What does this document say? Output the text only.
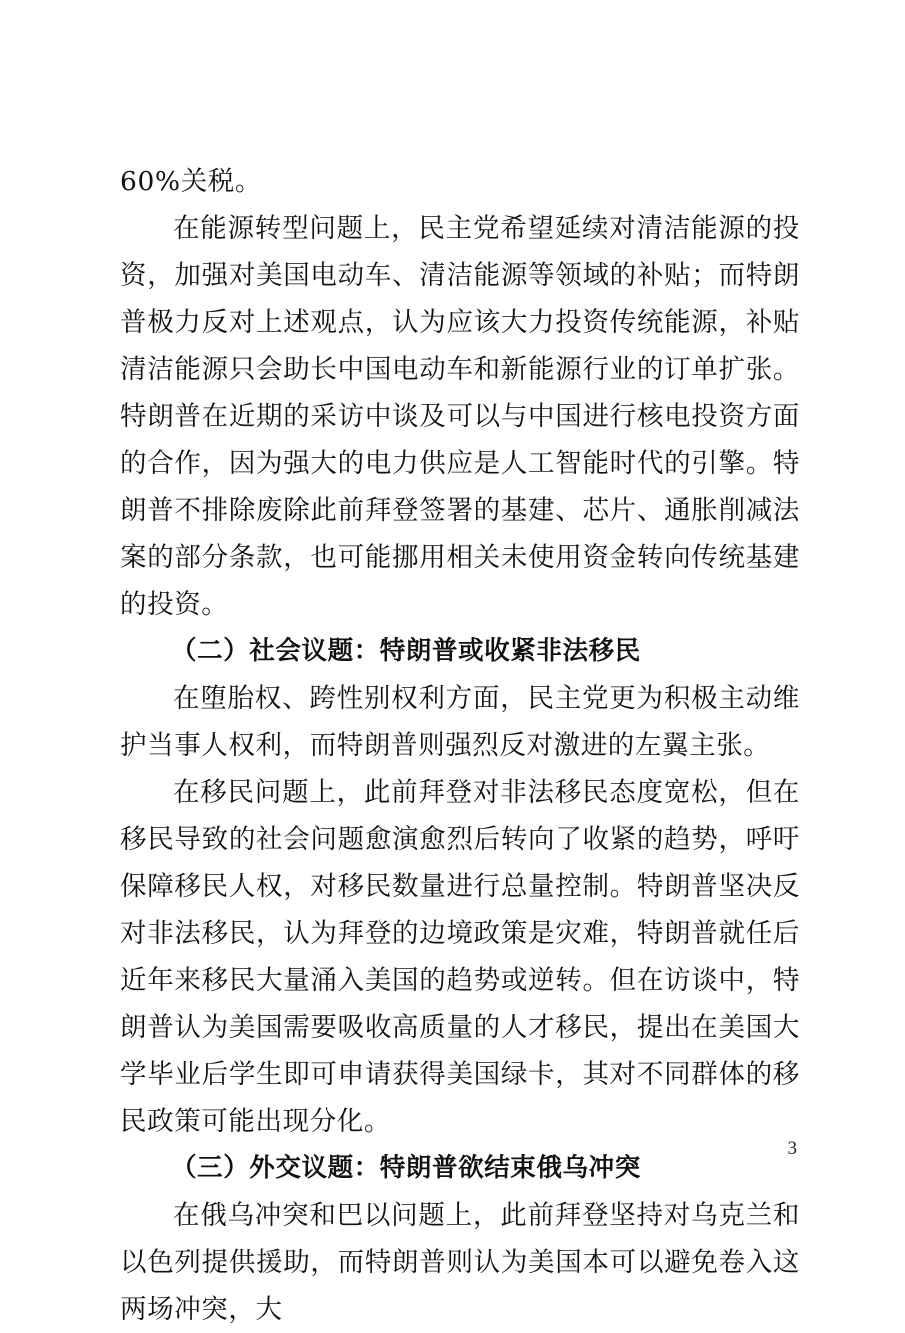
60%关税。

在能源转型问题上，民主党希望延续对清洁能源的投资，加强对美国电动车、清洁能源等领域的补贴；而特朗普极力反对上述观点，认为应该大力投资传统能源，补贴清洁能源只会助长中国电动车和新能源行业的订单扩张。特朗普在近期的采访中谈及可以与中国进行核电投资方面的合作，因为强大的电力供应是人工智能时代的引擎。特朗普不排除废除此前拜登签署的基建、芯片、通胀削减法案的部分条款，也可能挪用相关未使用资金转向传统基建的投资。

（二）社会议题：特朗普或收紧非法移民

在堕胎权、跨性别权利方面，民主党更为积极主动维护当事人权利，而特朗普则强烈反对激进的左翼主张。

在移民问题上，此前拜登对非法移民态度宽松，但在移民导致的社会问题愈演愈烈后转向了收紧的趋势，呼吁保障移民人权，对移民数量进行总量控制。特朗普坚决反对非法移民，认为拜登的边境政策是灾难，特朗普就任后近年来移民大量涌入美国的趋势或逆转。但在访谈中，特朗普认为美国需要吸收高质量的人才移民，提出在美国大学毕业后学生即可申请获得美国绿卡，其对不同群体的移民政策可能出现分化。

（三）外交议题：特朗普欲结束俄乌冲突

在俄乌冲突和巴以问题上，此前拜登坚持对乌克兰和以色列提供援助，而特朗普则认为美国本可以避免卷入这两场冲突，大

3
